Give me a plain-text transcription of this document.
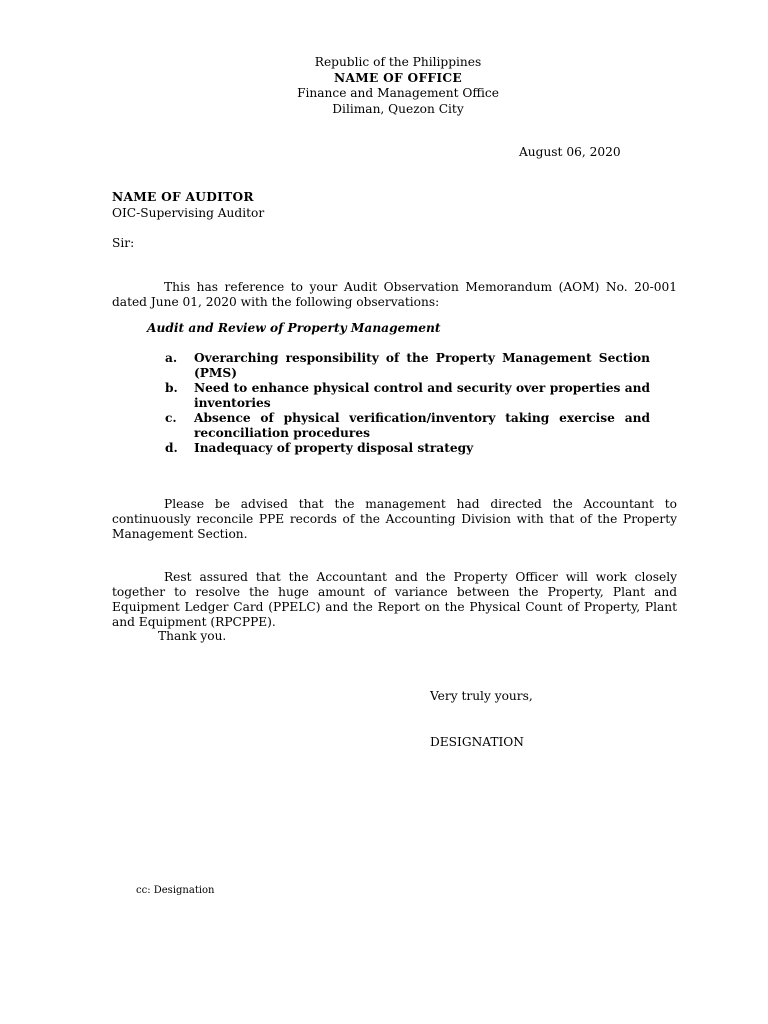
Republic of the Philippines
NAME OF OFFICE
Finance and Management Office
Diliman, Quezon City
August 06, 2020
NAME OF AUDITOR
OIC-Supervising Auditor
Sir:
This has reference to your Audit Observation Memorandum (AOM) No. 20-001 dated June 01, 2020 with the following observations:
Audit and Review of Property Management
a. Overarching responsibility of the Property Management Section (PMS)
b. Need to enhance physical control and security over properties and inventories
c. Absence of physical verification/inventory taking exercise and reconciliation procedures
d. Inadequacy of property disposal strategy
Please be advised that the management had directed the Accountant to continuously reconcile PPE records of the Accounting Division with that of the Property Management Section.
Rest assured that the Accountant and the Property Officer will work closely together to resolve the huge amount of variance between the Property, Plant and Equipment Ledger Card (PPELC) and the Report on the Physical Count of Property, Plant and Equipment (RPCPPE).
Thank you.
Very truly yours,
DESIGNATION
cc: Designation
